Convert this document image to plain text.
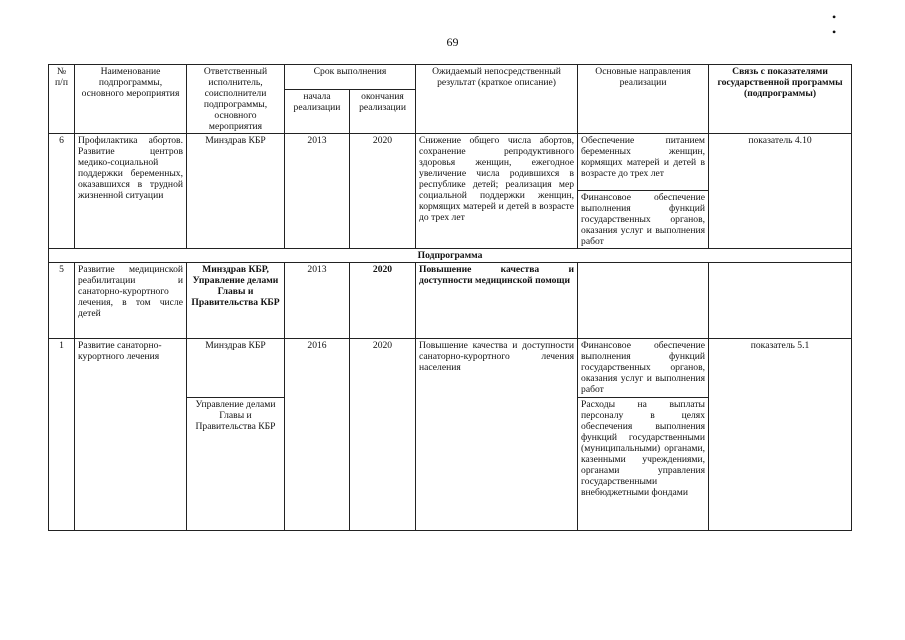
• •
69
№ п/п	Наименование подпрограммы, основного мероприятия	Ответственный исполнитель, соисполнители подпрограммы, основного мероприятия	Срок выполнения		Ожидаемый непосредственный результат (краткое описание)	Основные направления реализации	Связь с показателями государственной программы (подпрограммы)
			начала реализации	окончания реализации			
6	Профилактика абортов. Развитие центров медико-социальной поддержки беременных, оказавшихся в трудной жизненной ситуации	Минздрав КБР	2013	2020	Снижение общего числа абортов, сохранение репродуктивного здоровья женщин, ежегодное увеличение числа родившихся в республике детей; реализация мер социальной поддержки женщин, кормящих матерей и детей в возрасте до трех лет	Обеспечение питанием беременных женщин, кормящих матерей и детей в возрасте до трех лет	показатель 4.10
						Финансовое обеспечение выполнения функций государственных органов, оказания услуг и выполнения работ	
Подпрограмма							
5	Развитие медицинской реабилитации и санаторно-курортного лечения, в том числе детей	Минздрав КБР, Управление делами Главы и Правительства КБР	2013	2020	Повышение качества и доступности медицинской помощи		
1	Развитие санаторно-курортного лечения	Минздрав КБР	2016	2020	Повышение качества и доступности санаторно-курортного лечения населения	Финансовое обеспечение выполнения функций государственных органов, оказания услуг и выполнения работ	показатель 5.1
		Управление делами Главы и Правительства КБР				Расходы на выплаты персоналу в целях обеспечения выполнения функций государственными (муниципальными) органами, казенными учреждениями, органами управления государственными внебюджетными фондами	
